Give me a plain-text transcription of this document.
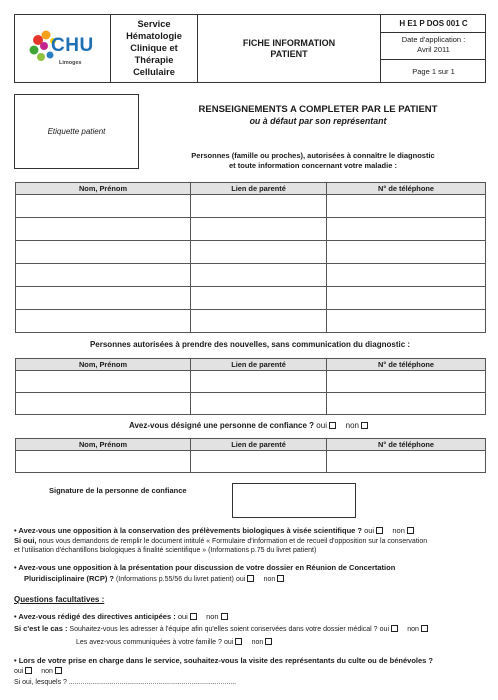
CHU
Limoges
Service
Hématologie
Clinique et
Thérapie
Cellulaire
FICHE INFORMATION
PATIENT
H E1 P DOS 001 C
Date d'application :
Avril 2011
Page 1 sur 1
Etiquette patient
RENSEIGNEMENTS A COMPLETER PAR LE PATIENT
ou à défaut par son représentant
Personnes (famille ou proches), autorisées à connaître le diagnostic
et toute information concernant votre maladie :
Nom, Prénom	Lien de parenté	N° de téléphone

Personnes autorisées à prendre des nouvelles, sans communication du diagnostic :
Nom, Prénom	Lien de parenté	N° de téléphone

Avez-vous désigné une personne de confiance ? oui non
Nom, Prénom	Lien de parenté	N° de téléphone

Signature de la personne de confiance
• Avez-vous une opposition à la conservation des prélèvements biologiques à visée scientifique ? oui non
Si oui, nous vous demandons de remplir le document intitulé « Formulaire d'information et de recueil d'opposition sur la conservation
et l'utilisation d'échantillons biologiques à finalité scientifique » (Informations p.75 du livret patient)
• Avez-vous une opposition à la présentation pour discussion de votre dossier en Réunion de Concertation
Pluridisciplinaire (RCP) ? (Informations p.55/56 du livret patient) oui	non
Questions facultatives :
• Avez-vous rédigé des directives anticipées : oui non
Si c'est le cas : Souhaitez-vous les adresser à l'équipe afin qu'elles soient conservées dans votre dossier médical ? oui	non
Les avez-vous communiquées à votre famille ? oui	non
• Lors de votre prise en charge dans le service, souhaitez-vous la visite des représentants du culte ou de bénévoles ?
oui	non
Si oui, lesquels ? ......................................................................................
